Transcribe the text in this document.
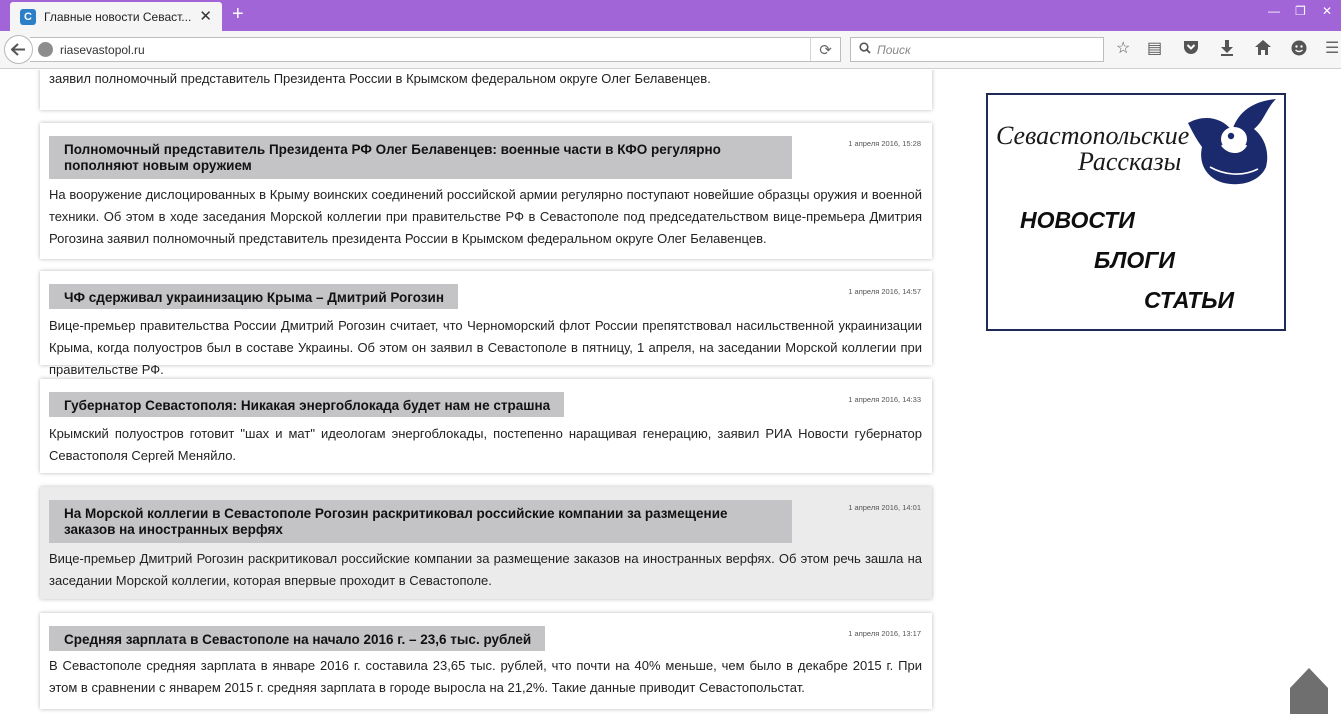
C	Главные новости Севаст... ✕ +	— ❐ ✕
riasevastopol.ru	⟳	Поиск	☆ ▤	☰

заявил полномочный представитель Президента России в Крымском федеральном округе Олег Белавенцев.

Полномочный представитель Президента РФ Олег Белавенцев: военные части в КФО регулярно пополняют новым оружием
1 апреля 2016, 15:28

На вооружение дислоцированных в Крыму воинских соединений российской армии регулярно поступают новейшие образцы оружия и военной техники. Об этом в ходе заседания Морской коллегии при правительстве РФ в Севастополе под председательством вице-премьера Дмитрия Рогозина заявил полномочный представитель президента России в Крымском федеральном округе Олег Белавенцев.

ЧФ сдерживал украинизацию Крыма – Дмитрий Рогозин	1 апреля 2016, 14:57

Вице-премьер правительства России Дмитрий Рогозин считает, что Черноморский флот России препятствовал насильственной украинизации Крыма, когда полуостров был в составе Украины. Об этом он заявил в Севастополе в пятницу, 1 апреля, на заседании Морской коллегии при правительстве РФ.

Губернатор Севастополя: Никакая энергоблокада будет нам не страшна	1 апреля 2016, 14:33

Крымский полуостров готовит "шах и мат" идеологам энергоблокады, постепенно наращивая генерацию, заявил РИА Новости губернатор Севастополя Сергей Меняйло.

На Морской коллегии в Севастополе Рогозин раскритиковал российские компании за размещение заказов на иностранных верфях
1 апреля 2016, 14:01

Вице-премьер Дмитрий Рогозин раскритиковал российские компании за размещение заказов на иностранных верфях. Об этом речь зашла на заседании Морской коллегии, которая впервые проходит в Севастополе.

Средняя зарплата в Севастополе на начало 2016 г. – 23,6 тыс. рублей	1 апреля 2016, 13:17

В Севастополе средняя зарплата в январе 2016 г. составила 23,65 тыс. рублей, что почти на 40% меньше, чем было в декабре 2015 г. При этом в сравнении с январем 2015 г. средняя зарплата в городе выросла на 21,2%. Такие данные приводит Севастопольстат.

Севастопольские
Рассказы
НОВОСТИ
БЛОГИ
СТАТЬИ
